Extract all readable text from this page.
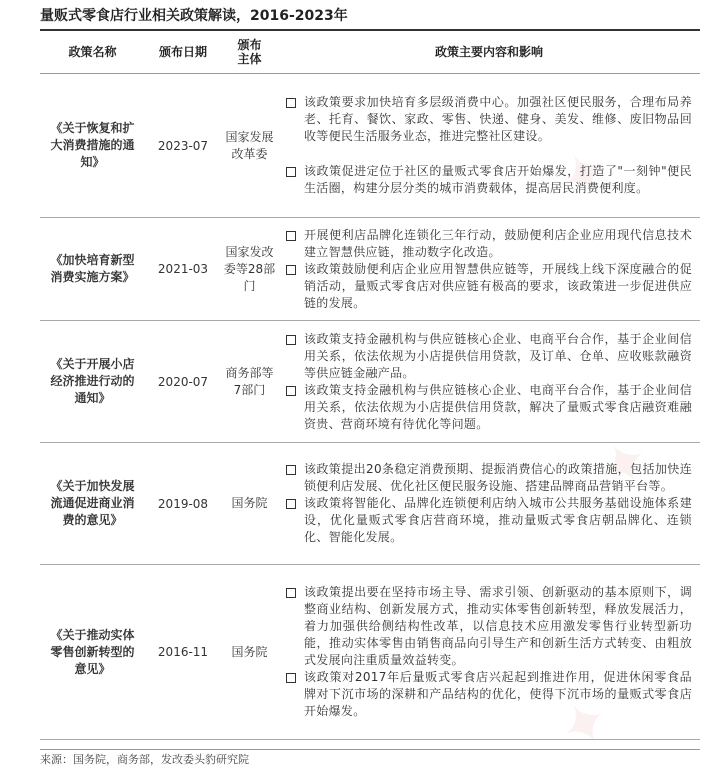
✦
✦
✦
量贩式零食店行业相关政策解读，2016-2023年
政策名称	颁布日期	颁布主体	政策主要内容和影响
《关于恢复和扩大消费措施的通知》	2023-07	国家发展改革委	该政策要求加快培育多层级消费中心。加强社区便民服务，合理布局养老、托育、餐饮、家政、零售、快递、健身、美发、维修、废旧物品回收等便民生活服务业态，推进完整社区建设。
该政策促进定位于社区的量贩式零食店开始爆发，打造了"一刻钟"便民生活圈，构建分层分类的城市消费载体，提高居民消费便利度。

《加快培育新型消费实施方案》	2021-03	国家发改委等28部门	开展便利店品牌化连锁化三年行动，鼓励便利店企业应用现代信息技术建立智慧供应链，推动数字化改造。
该政策鼓励便利店企业应用智慧供应链等，开展线上线下深度融合的促销活动，量贩式零食店对供应链有极高的要求，该政策进一步促进供应链的发展。

《关于开展小店经济推进行动的通知》	2020-07	商务部等7部门	该政策支持金融机构与供应链核心企业、电商平台合作，基于企业间信用关系，依法依规为小店提供信用贷款，及订单、仓单、应收账款融资等供应链金融产品。
该政策支持金融机构与供应链核心企业、电商平台合作，基于企业间信用关系，依法依规为小店提供信用贷款，解决了量贩式零食店融资难融资贵、营商环境有待优化等问题。

《关于加快发展流通促进商业消费的意见》	2019-08	国务院	该政策提出20条稳定消费预期、提振消费信心的政策措施，包括加快连锁便利店发展、优化社区便民服务设施、搭建品牌商品营销平台等。
该政策将智能化、品牌化连锁便利店纳入城市公共服务基础设施体系建设，优化量贩式零食店营商环境，推动量贩式零食店朝品牌化、连锁化、智能化发展。

《关于推动实体零售创新转型的意见》	2016-11	国务院	该政策提出要在坚持市场主导、需求引领、创新驱动的基本原则下，调整商业结构、创新发展方式，推动实体零售创新转型，释放发展活力，着力加强供给侧结构性改革，以信息技术应用激发零售行业转型新功能，推动实体零售由销售商品向引导生产和创新生活方式转变、由粗放式发展向注重质量效益转变。
该政策对2017年后量贩式零食店兴起起到推进作用，促进休闲零食品牌对下沉市场的深耕和产品结构的优化，使得下沉市场的量贩式零食店开始爆发。
来源：国务院，商务部，发改委头豹研究院
